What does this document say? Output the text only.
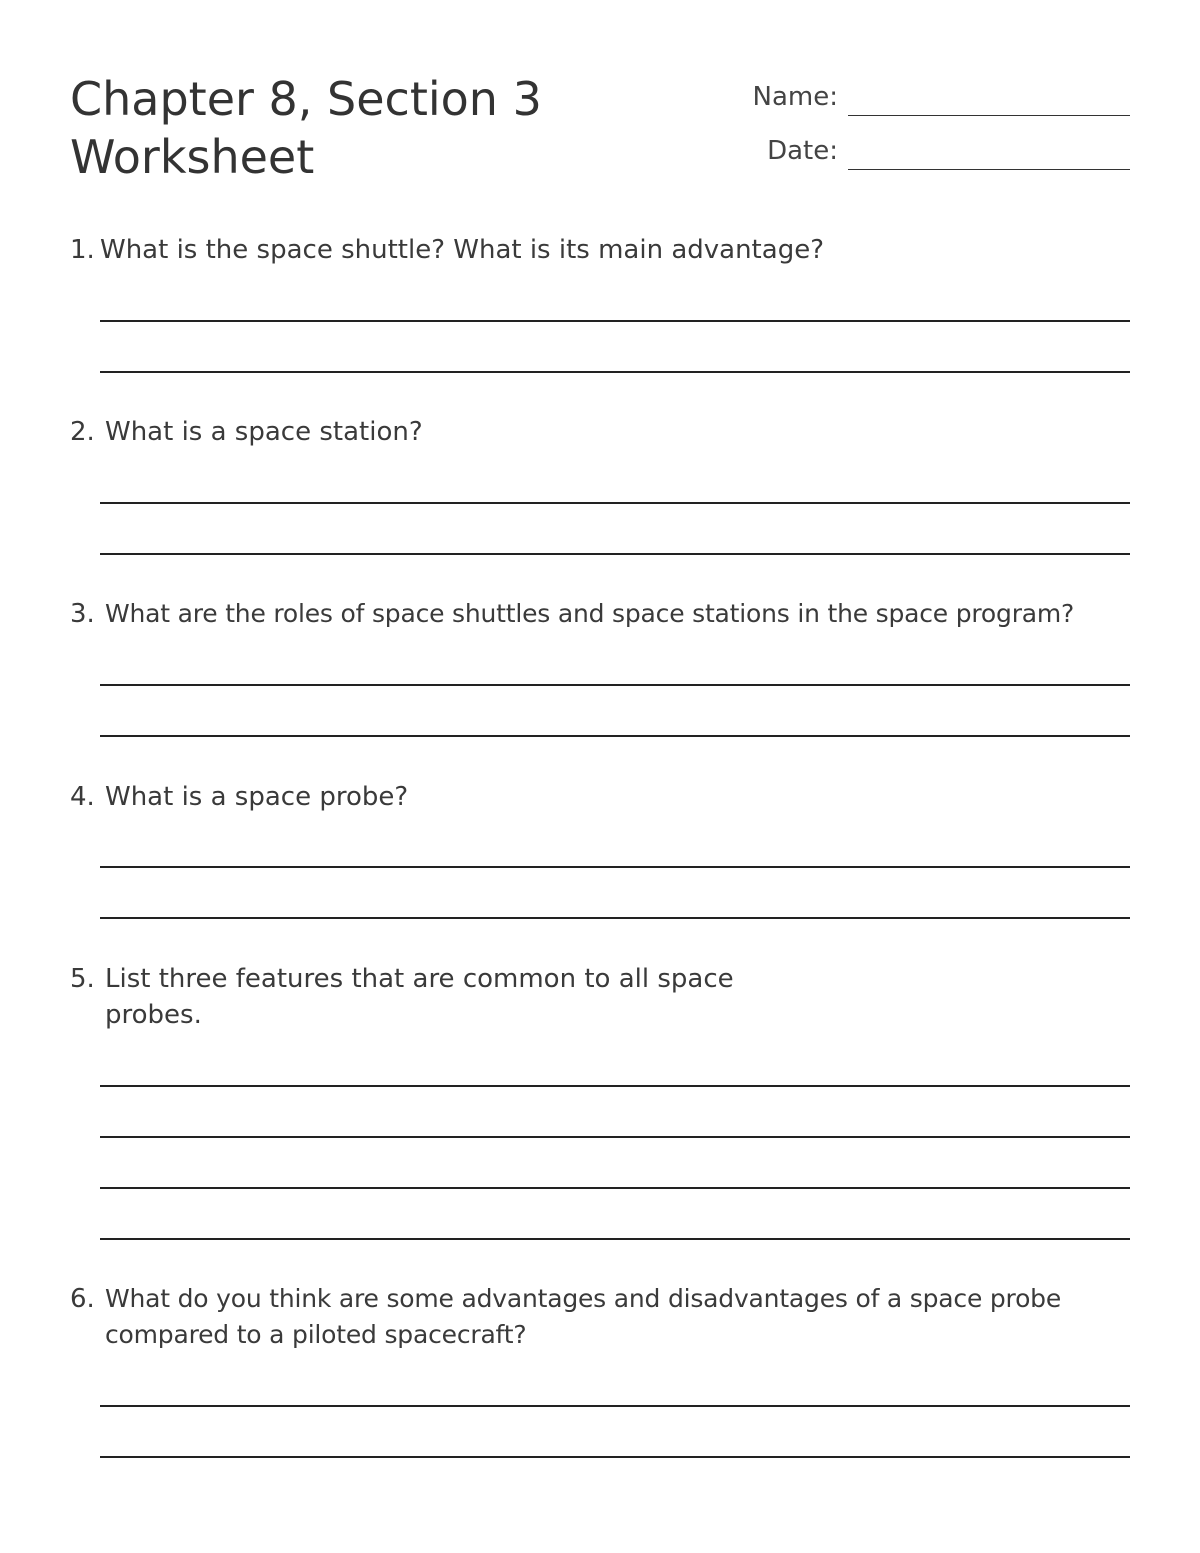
Chapter 8, Section 3
Worksheet
Name:
Date:
1. What is the space shuttle? What is its main advantage?
2. What is a space station?
3. What are the roles of space shuttles and space stations in the space program?
4. What is a space probe?
5. List three features that are common to all space probes.
6. What do you think are some advantages and disadvantages of a space probe compared to a piloted spacecraft?
